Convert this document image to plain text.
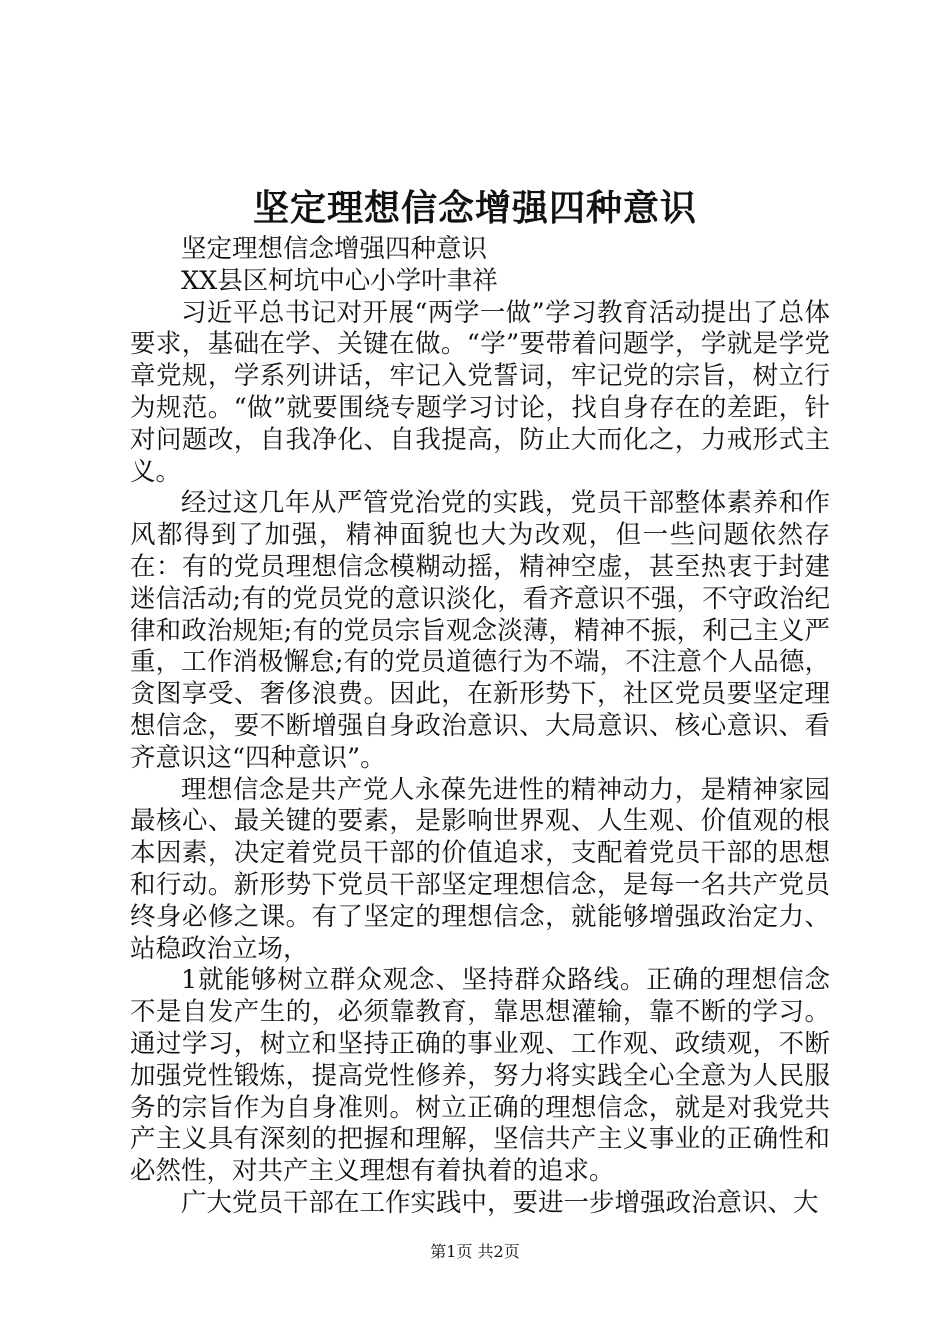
坚定理想信念增强四种意识

坚定理想信念增强四种意识

XX县区柯坑中心小学叶聿祥

习近平总书记对开展“两学一做”学习教育活动提出了总体要求，基础在学、关键在做。“学”要带着问题学，学就是学党章党规，学系列讲话，牢记入党誓词，牢记党的宗旨，树立行为规范。“做”就要围绕专题学习讨论，找自身存在的差距，针对问题改，自我净化、自我提高，防止大而化之，力戒形式主义。

经过这几年从严管党治党的实践，党员干部整体素养和作风都得到了加强，精神面貌也大为改观，但一些问题依然存在：有的党员理想信念模糊动摇，精神空虚，甚至热衷于封建迷信活动;有的党员党的意识淡化，看齐意识不强，不守政治纪律和政治规矩;有的党员宗旨观念淡薄，精神不振，利己主义严重，工作消极懈怠;有的党员道德行为不端，不注意个人品德，贪图享受、奢侈浪费。因此，在新形势下，社区党员要坚定理想信念，要不断增强自身政治意识、大局意识、核心意识、看齐意识这“四种意识”。

理想信念是共产党人永葆先进性的精神动力，是精神家园最核心、最关键的要素，是影响世界观、人生观、价值观的根本因素，决定着党员干部的价值追求，支配着党员干部的思想和行动。新形势下党员干部坚定理想信念，是每一名共产党员终身必修之课。有了坚定的理想信念，就能够增强政治定力、站稳政治立场，

1就能够树立群众观念、坚持群众路线。正确的理想信念不是自发产生的，必须靠教育，靠思想灌输，靠不断的学习。通过学习，树立和坚持正确的事业观、工作观、政绩观，不断加强党性锻炼，提高党性修养，努力将实践全心全意为人民服务的宗旨作为自身准则。树立正确的理想信念，就是对我党共产主义具有深刻的把握和理解，坚信共产主义事业的正确性和必然性，对共产主义理想有着执着的追求。

广大党员干部在工作实践中，要进一步增强政治意识、大

第1页 共2页
